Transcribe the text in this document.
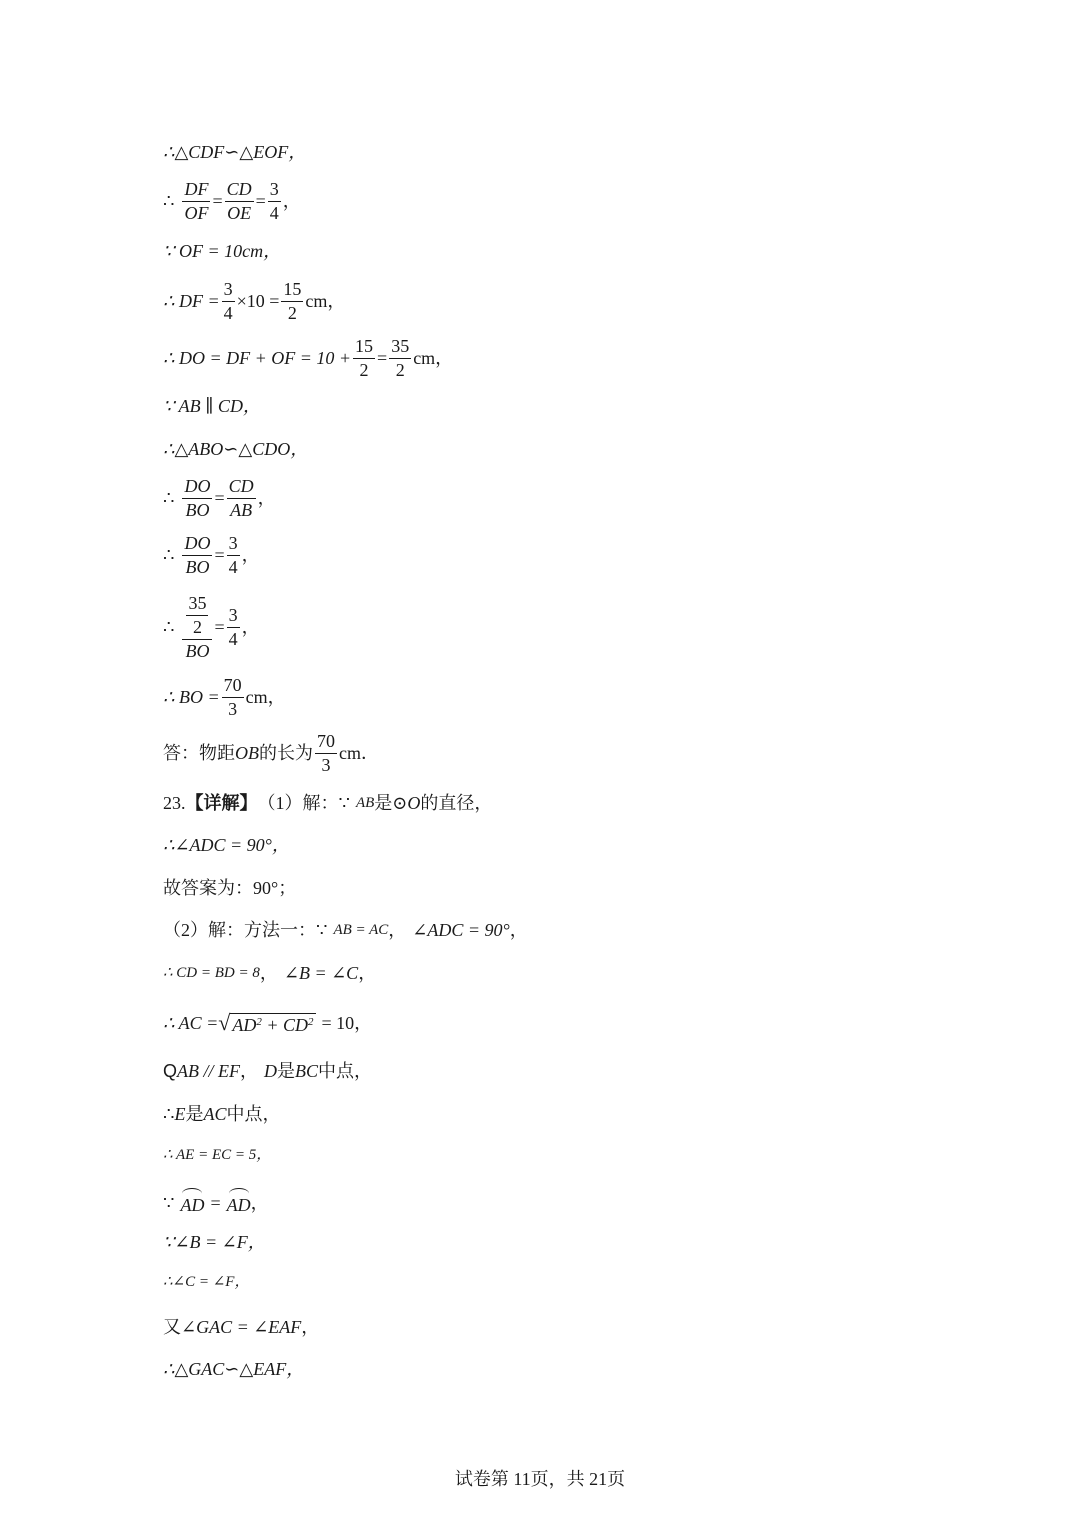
∴△CDF∽△EOF，
∴ $\frac{DF}{OF} = \frac{CD}{OE} = \frac{3}{4}$ ，
∵ OF = 10cm，
∴ DF = $\frac{3}{4} \times 10 = \frac{15}{2}$ cm，
∴ DO = DF + OF = $10 + \frac{15}{2} = \frac{35}{2}$ cm，
∵ AB ∥ CD，
∴△ABO∽△CDO，
∴ $\frac{DO}{BO} = \frac{CD}{AB}$ ，
∴ $\frac{DO}{BO} = \frac{3}{4}$ ，
∴ $\frac{\frac{35}{2}}{BO} = \frac{3}{4}$ ，
∴ BO = $\frac{70}{3}$ cm，
答：物距 OB 的长为 $\frac{70}{3}$ cm．
23. 【详解】 （1）解： ∵ AB 是⊙ O 的直径，
∴∠ADC = 90°，
故答案为：90°；
（2）解：方法一： ∵ AB = AC ， ∠ADC = 90° ，
∴ CD = BD = 8 ， ∠B = ∠C ，
∴ AC = √ $AD^2 + CD^2 = 10$，
Q AB // EF ， D 是 BC 中点，
∴ E 是 AC 中点，
∴ AE = EC = 5，
∵ AD = AD ，
∵∠B = ∠F，
∴∠C = ∠F，
又 ∠GAC = ∠EAF ，
∴△GAC∽△EAF，
试卷第 11页，共 21页
